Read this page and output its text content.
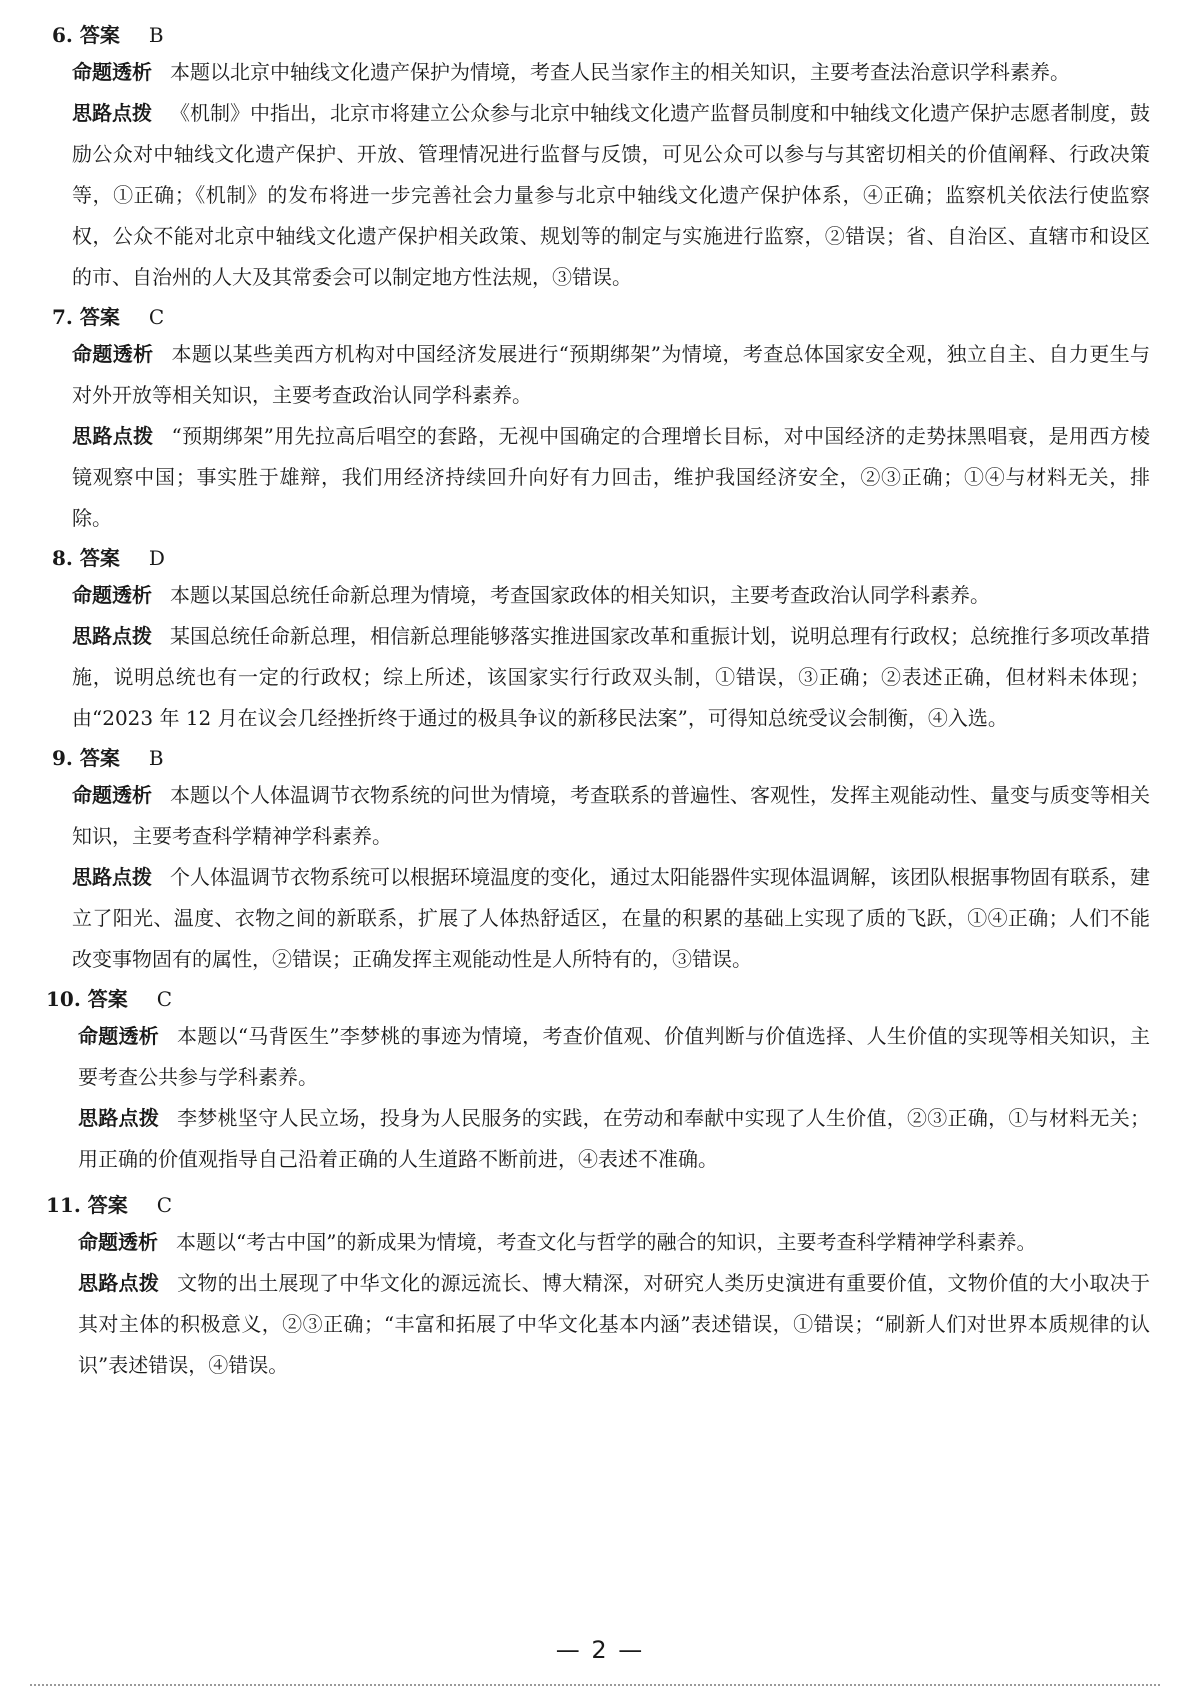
6. 答案 B

命题透析 本题以北京中轴线文化遗产保护为情境，考查人民当家作主的相关知识，主要考查法治意识学科素养。

思路点拨 《机制》中指出，北京市将建立公众参与北京中轴线文化遗产监督员制度和中轴线文化遗产保护志愿者制度，鼓励公众对中轴线文化遗产保护、开放、管理情况进行监督与反馈，可见公众可以参与与其密切相关的价值阐释、行政决策等，①正确；《机制》的发布将进一步完善社会力量参与北京中轴线文化遗产保护体系，④正确；监察机关依法行使监察权，公众不能对北京中轴线文化遗产保护相关政策、规划等的制定与实施进行监察，②错误；省、自治区、直辖市和设区的市、自治州的人大及其常委会可以制定地方性法规，③错误。

7. 答案 C

命题透析 本题以某些美西方机构对中国经济发展进行“预期绑架”为情境，考查总体国家安全观，独立自主、自力更生与对外开放等相关知识，主要考查政治认同学科素养。

思路点拨 “预期绑架”用先拉高后唱空的套路，无视中国确定的合理增长目标，对中国经济的走势抹黑唱衰，是用西方棱镜观察中国；事实胜于雄辩，我们用经济持续回升向好有力回击，维护我国经济安全，②③正确；①④与材料无关，排除。

8. 答案 D

命题透析 本题以某国总统任命新总理为情境，考查国家政体的相关知识，主要考查政治认同学科素养。

思路点拨 某国总统任命新总理，相信新总理能够落实推进国家改革和重振计划，说明总理有行政权；总统推行多项改革措施，说明总统也有一定的行政权；综上所述，该国家实行行政双头制，①错误，③正确；②表述正确，但材料未体现；由“2023 年 12 月在议会几经挫折终于通过的极具争议的新移民法案”，可得知总统受议会制衡，④入选。

9. 答案 B

命题透析 本题以个人体温调节衣物系统的问世为情境，考查联系的普遍性、客观性，发挥主观能动性、量变与质变等相关知识，主要考查科学精神学科素养。

思路点拨 个人体温调节衣物系统可以根据环境温度的变化，通过太阳能器件实现体温调解，该团队根据事物固有联系，建立了阳光、温度、衣物之间的新联系，扩展了人体热舒适区，在量的积累的基础上实现了质的飞跃，①④正确；人们不能改变事物固有的属性，②错误；正确发挥主观能动性是人所特有的，③错误。

10. 答案 C

命题透析 本题以“马背医生”李梦桃的事迹为情境，考查价值观、价值判断与价值选择、人生价值的实现等相关知识，主要考查公共参与学科素养。

思路点拨 李梦桃坚守人民立场，投身为人民服务的实践，在劳动和奉献中实现了人生价值，②③正确，①与材料无关；用正确的价值观指导自己沿着正确的人生道路不断前进，④表述不准确。

11. 答案 C

命题透析 本题以“考古中国”的新成果为情境，考查文化与哲学的融合的知识，主要考查科学精神学科素养。

思路点拨 文物的出土展现了中华文化的源远流长、博大精深，对研究人类历史演进有重要价值，文物价值的大小取决于其对主体的积极意义，②③正确；“丰富和拓展了中华文化基本内涵”表述错误，①错误；“刷新人们对世界本质规律的认识”表述错误，④错误。

— 2 —
